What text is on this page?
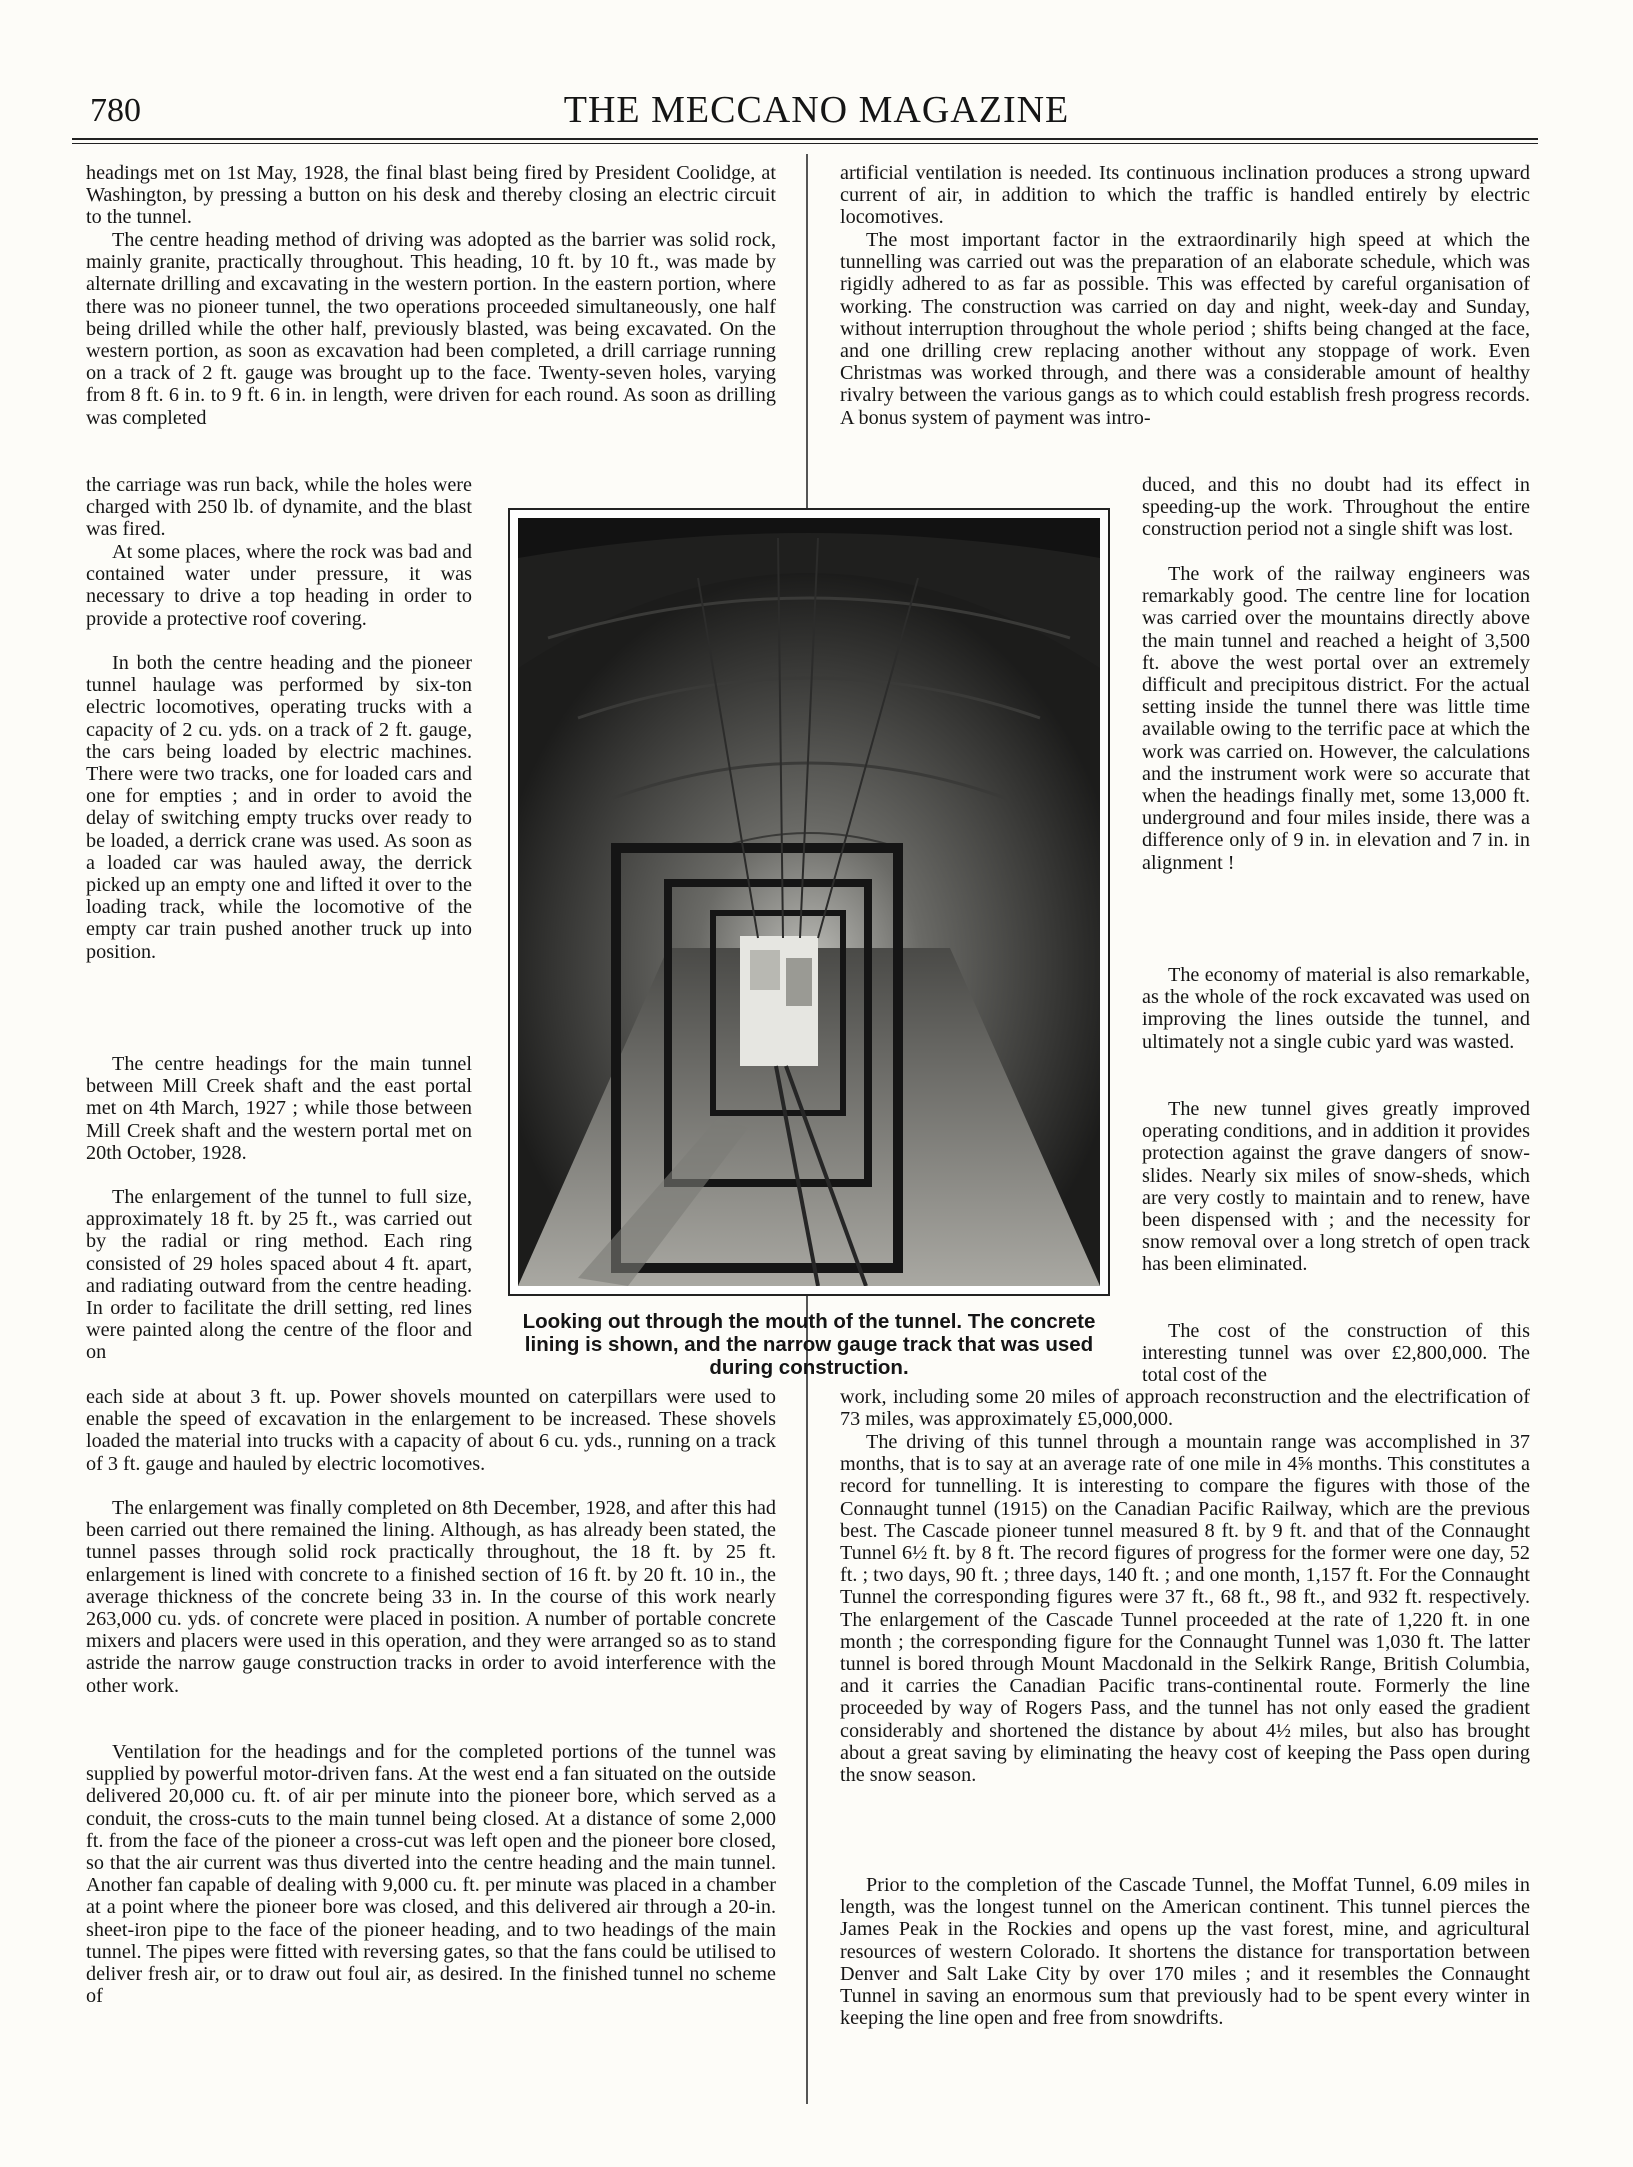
780	THE MECCANO MAGAZINE

headings met on 1st May, 1928, the final blast being fired by President Coolidge, at Washington, by pressing a button on his desk and thereby closing an electric circuit to the tunnel.

The centre heading method of driving was adopted as the barrier was solid rock, mainly granite, practically throughout. This heading, 10 ft. by 10 ft., was made by alternate drilling and excavating in the western portion. In the eastern portion, where there was no pioneer tunnel, the two operations proceeded simultaneously, one half being drilled while the other half, previously blasted, was being excavated. On the western portion, as soon as excavation had been completed, a drill carriage running on a track of 2 ft. gauge was brought up to the face. Twenty-seven holes, varying from 8 ft. 6 in. to 9 ft. 6 in. in length, were driven for each round. As soon as drilling was completed

the carriage was run back, while the holes were charged with 250 lb. of dynamite, and the blast was fired.

At some places, where the rock was bad and contained water under pressure, it was necessary to drive a top heading in order to provide a protective roof covering.

In both the centre heading and the pioneer tunnel haulage was performed by six-ton electric locomotives, operating trucks with a capacity of 2 cu. yds. on a track of 2 ft. gauge, the cars being loaded by electric machines. There were two tracks, one for loaded cars and one for empties ; and in order to avoid the delay of switching empty trucks over ready to be loaded, a derrick crane was used. As soon as a loaded car was hauled away, the derrick picked up an empty one and lifted it over to the loading track, while the locomotive of the empty car train pushed another truck up into position.

The centre headings for the main tunnel between Mill Creek shaft and the east portal met on 4th March, 1927 ; while those between Mill Creek shaft and the western portal met on 20th October, 1928.

The enlargement of the tunnel to full size, approximately 18 ft. by 25 ft., was carried out by the radial or ring method. Each ring consisted of 29 holes spaced about 4 ft. apart, and radiating outward from the centre heading. In order to facilitate the drill setting, red lines were painted along the centre of the floor and on

each side at about 3 ft. up. Power shovels mounted on caterpillars were used to enable the speed of excavation in the enlargement to be increased. These shovels loaded the material into trucks with a capacity of about 6 cu. yds., running on a track of 3 ft. gauge and hauled by electric locomotives.

The enlargement was finally completed on 8th December, 1928, and after this had been carried out there remained the lining. Although, as has already been stated, the tunnel passes through solid rock practically throughout, the 18 ft. by 25 ft. enlargement is lined with concrete to a finished section of 16 ft. by 20 ft. 10 in., the average thickness of the concrete being 33 in. In the course of this work nearly 263,000 cu. yds. of concrete were placed in position. A number of portable concrete mixers and placers were used in this operation, and they were arranged so as to stand astride the narrow gauge construction tracks in order to avoid interference with the other work.

Ventilation for the headings and for the completed portions of the tunnel was supplied by powerful motor-driven fans. At the west end a fan situated on the outside delivered 20,000 cu. ft. of air per minute into the pioneer bore, which served as a conduit, the cross-cuts to the main tunnel being closed. At a distance of some 2,000 ft. from the face of the pioneer a cross-cut was left open and the pioneer bore closed, so that the air current was thus diverted into the centre heading and the main tunnel. Another fan capable of dealing with 9,000 cu. ft. per minute was placed in a chamber at a point where the pioneer bore was closed, and this delivered air through a 20-in. sheet-iron pipe to the face of the pioneer heading, and to two headings of the main tunnel. The pipes were fitted with reversing gates, so that the fans could be utilised to deliver fresh air, or to draw out foul air, as desired. In the finished tunnel no scheme of

artificial ventilation is needed. Its continuous inclination produces a strong upward current of air, in addition to which the traffic is handled entirely by electric locomotives.

The most important factor in the extraordinarily high speed at which the tunnelling was carried out was the preparation of an elaborate schedule, which was rigidly adhered to as far as possible. This was effected by careful organisation of working. The construction was carried on day and night, week-day and Sunday, without interruption throughout the whole period ; shifts being changed at the face, and one drilling crew replacing another without any stoppage of work. Even Christmas was worked through, and there was a considerable amount of healthy rivalry between the various gangs as to which could establish fresh progress records. A bonus system of payment was intro-

duced, and this no doubt had its effect in speeding-up the work. Throughout the entire construction period not a single shift was lost.

The work of the railway engineers was remarkably good. The centre line for location was carried over the mountains directly above the main tunnel and reached a height of 3,500 ft. above the west portal over an extremely difficult and precipitous district. For the actual setting inside the tunnel there was little time available owing to the terrific pace at which the work was carried on. However, the calculations and the instrument work were so accurate that when the headings finally met, some 13,000 ft. underground and four miles inside, there was a difference only of 9 in. in elevation and 7 in. in alignment !

The economy of material is also remarkable, as the whole of the rock excavated was used on improving the lines outside the tunnel, and ultimately not a single cubic yard was wasted.

The new tunnel gives greatly improved operating conditions, and in addition it provides protection against the grave dangers of snow-slides. Nearly six miles of snow-sheds, which are very costly to maintain and to renew, have been dispensed with ; and the necessity for snow removal over a long stretch of open track has been eliminated.

The cost of the construction of this interesting tunnel was over £2,800,000. The total cost of the

work, including some 20 miles of approach reconstruction and the electrification of 73 miles, was approximately £5,000,000.

The driving of this tunnel through a mountain range was accomplished in 37 months, that is to say at an average rate of one mile in 4⅝ months. This constitutes a record for tunnelling. It is interesting to compare the figures with those of the Connaught tunnel (1915) on the Canadian Pacific Railway, which are the previous best. The Cascade pioneer tunnel measured 8 ft. by 9 ft. and that of the Connaught Tunnel 6½ ft. by 8 ft. The record figures of progress for the former were one day, 52 ft. ; two days, 90 ft. ; three days, 140 ft. ; and one month, 1,157 ft. For the Connaught Tunnel the corresponding figures were 37 ft., 68 ft., 98 ft., and 932 ft. respectively. The enlargement of the Cascade Tunnel proceeded at the rate of 1,220 ft. in one month ; the corresponding figure for the Connaught Tunnel was 1,030 ft. The latter tunnel is bored through Mount Macdonald in the Selkirk Range, British Columbia, and it carries the Canadian Pacific trans-continental route. Formerly the line proceeded by way of Rogers Pass, and the tunnel has not only eased the gradient considerably and shortened the distance by about 4½ miles, but also has brought about a great saving by eliminating the heavy cost of keeping the Pass open during the snow season.

Prior to the completion of the Cascade Tunnel, the Moffat Tunnel, 6.09 miles in length, was the longest tunnel on the American continent. This tunnel pierces the James Peak in the Rockies and opens up the vast forest, mine, and agricultural resources of western Colorado. It shortens the distance for transportation between Denver and Salt Lake City by over 170 miles ; and it resembles the Connaught Tunnel in saving an enormous sum that previously had to be spent every winter in keeping the line open and free from snowdrifts.

Looking out through the mouth of the tunnel. The concrete lining is shown, and the narrow gauge track that was used during construction.
